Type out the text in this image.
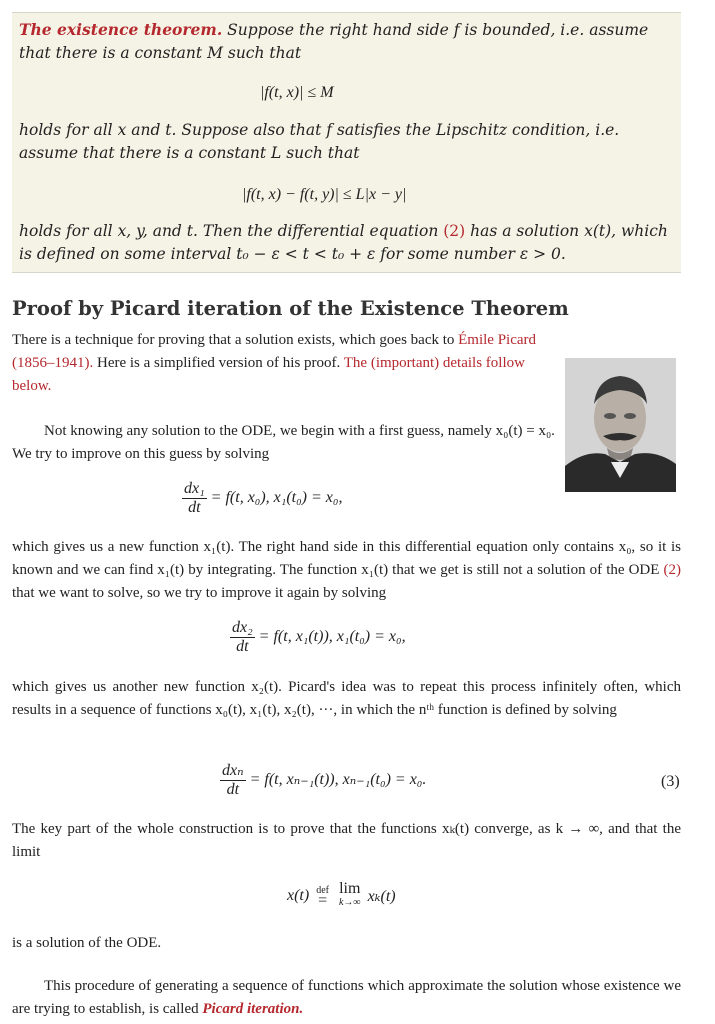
The existence theorem. Suppose the right hand side f is bounded, i.e. assume that there is a constant M such that

|f(t, x)| ≤ M

holds for all x and t. Suppose also that f satisfies the Lipschitz condition, i.e. assume that there is a constant L such that

|f(t, x) − f(t, y)| ≤ L|x − y|

holds for all x, y, and t. Then the differential equation (2) has a solution x(t), which is defined on some interval t₀ − ε < t < t₀ + ε for some number ε > 0.

Proof by Picard iteration of the Existence Theorem

There is a technique for proving that a solution exists, which goes back to Émile Picard (1856–1941). Here is a simplified version of his proof. The (important) details follow below.

Not knowing any solution to the ODE, we begin with a first guess, namely x₀(t) = x₀. We try to improve on this guess by solving

$\frac{\text{dx₁}}{dt} = f(t$, x₀), x₁(t₀) = x₀,

which gives us a new function x₁(t). The right hand side in this differential equation only contains x₀, so it is known and we can find x₁(t) by integrating. The function x₁(t) that we get is still not a solution of the ODE (2) that we want to solve, so we try to improve it again by solving

$\frac{\text{dx₂}}{dt} = f(t$, x₁(t)), x₁(t₀) = x₀,

which gives us another new function x₂(t). Picard's idea was to repeat this process infinitely often, which results in a sequence of functions x₀(t), x₁(t), x₂(t), ···, in which the nᵗʰ function is defined by solving

$\frac{\text{dxₙ}}{dt} = f(t$, xₙ₋₁(t)), xₙ₋₁(t₀) = x₀.	(3)

The key part of the whole construction is to prove that the functions xₖ(t) converge, as k → ∞, and that the limit

x(t) def
=

lim
k→∞ xₖ(t)

is a solution of the ODE.

This procedure of generating a sequence of functions which approximate the solution whose existence we are trying to establish, is called Picard iteration.
